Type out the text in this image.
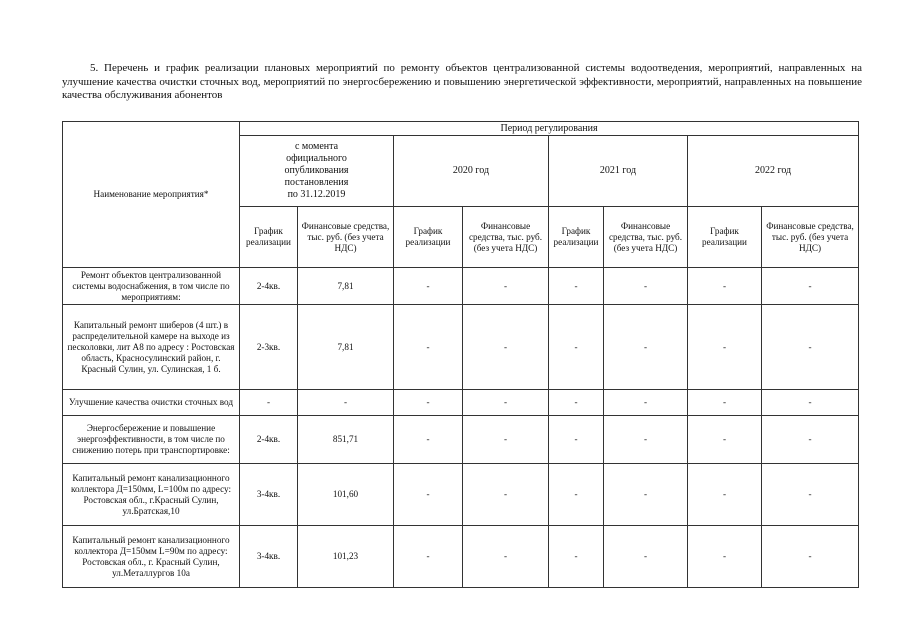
5. Перечень и график реализации плановых мероприятий по ремонту объектов централизованной системы водоотведения, мероприятий, направленных на улучшение качества очистки сточных вод, мероприятий по энергосбережению и повышению энергетической эффективности, мероприятий, направленных на повышение качества обслуживания абонентов
Наименование мероприятия*	Период регулирования							
	с момента официального опубликования постановления по 31.12.2019		2020 год		2021 год		2022 год	
	График реализации	Финансовые средства, тыс. руб. (без учета НДС)	График реализации	Финансовые средства, тыс. руб. (без учета НДС)	График реализации	Финансовые средства, тыс. руб. (без учета НДС)	График реализации	Финансовые средства, тыс. руб. (без учета НДС)
Ремонт объектов централизованной системы водоснабжения, в том числе по мероприятиям:	2-4кв.	7,81	-	-	-	-	-	-
Капитальный ремонт шиберов (4 шт.) в распределительной камере на выходе из песколовки, лит А8 по адресу : Ростовская область, Красносулинский район, г. Красный Сулин, ул. Сулинская, 1 б.	2-3кв.	7,81	-	-	-	-	-	-
Улучшение качества очистки сточных вод	-	-	-	-	-	-	-	-
Энергосбережение и повышение энергоэффективности, в том числе по снижению потерь при транспортировке:	2-4кв.	851,71	-	-	-	-	-	-
Капитальный ремонт канализационного коллектора Д=150мм, L=100м по адресу: Ростовская обл., г.Красный Сулин, ул.Братская,10	3-4кв.	101,60	-	-	-	-	-	-
Капитальный ремонт канализационного коллектора Д=150мм L=90м по адресу: Ростовская обл., г. Красный Сулин, ул.Металлургов 10а	3-4кв.	101,23	-	-	-	-	-	-
